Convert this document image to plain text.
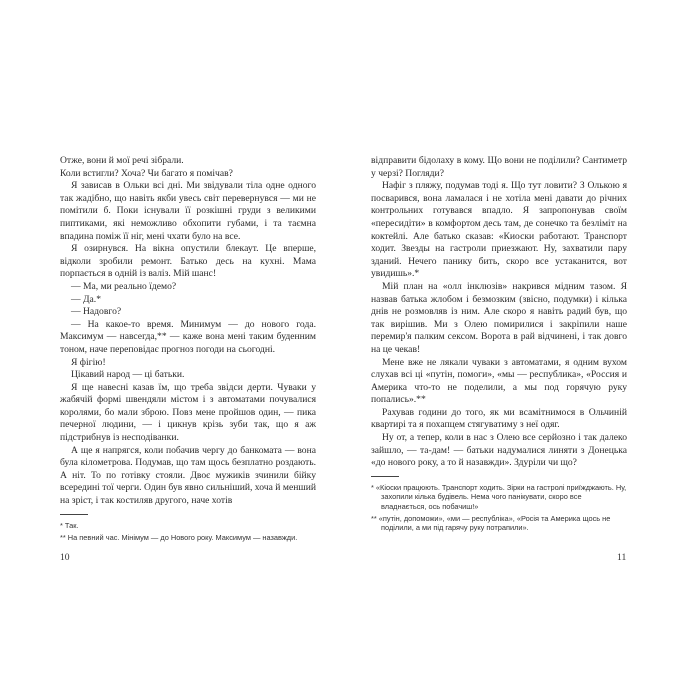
Отже, вони й мої речі зібрали.

Коли встигли? Хоча? Чи багато я помічав?

Я зависав в Ольки всі дні. Ми звідували тіла одне одного так жадібно, що навіть якби увесь світ перевернувся — ми не помітили б. Поки існували її розкішні груди з великими пиптиками, які неможливо обхопити губами, і та таємна впадина поміж її ніг, мені чхати було на все.

Я озирнувся. На вікна опустили блекаут. Це вперше, відколи зробили ремонт. Батько десь на кухні. Мама порпається в одній із валіз. Мій шанс!

— Ма, ми реально їдемо?

— Да.*

— Надовго?

— На какое-то время. Минимум — до нового года. Максимум — навсегда,** — каже вона мені таким буденним тоном, наче переповідає прогноз погоди на сьогодні.

Я фігію!

Цікавий народ — ці батьки.

Я ще навесні казав їм, що треба звідси дерти. Чуваки у жабячій формі швендяли містом і з автоматами почувалися королями, бо мали зброю. Повз мене пройшов один, — пика печерної людини, — і цикнув крізь зуби так, що я аж підстрибнув із несподіванки.

А ще я напрягся, коли побачив чергу до банкомата — вона була кілометрова. Подумав, що там щось безплатно роздають. А ніт. То по готівку стояли. Двоє мужиків зчинили бійку всередині тої черги. Один був явно сильніший, хоча й менший на зріст, і так костиляв другого, наче хотів

* Так.

** На певний час. Мінімум — до Нового року. Максимум — назавжди.

відправити бідолаху в кому. Що вони не поділили? Сантиметр у черзі? Погляди?

Нафіг з пляжу, подумав тоді я. Що тут ловити? З Олькою я посварився, вона ламалася і не хотіла мені давати до річних контрольних готувався впадло. Я запропонував своїм «пересидіти» в комфортом десь там, де сонечко та безліміт на коктейлі. Але батько сказав: «Киоски работают. Транспорт ходит. Звезды на гастроли приезжают. Ну, захватили пару зданий. Нечего панику бить, скоро все устаканится, вот увидишь».*

Мій план на «олл інклюзів» накрився мідним тазом. Я назвав батька жлобом і безмозким (звісно, подумки) і кілька днів не розмовляв із ним. Але скоро я навіть радий був, що так вирішив. Ми з Олею помирилися і закріпили наше перемир'я палким сексом. Ворота в рай відчинені, і так довго на це чекав!

Мене вже не лякали чуваки з автоматами, я одним вухом слухав всі ці «путін, помоги», «мы — республика», «Россия и Америка что-то не поделили, а мы под горячую руку попались».**

Рахував години до того, як ми всамітнимося в Ольчиній квартирі та я похапцем стягуватиму з неї одяг.

Ну от, а тепер, коли в нас з Олею все серйозно і так далеко зайшло, — та-дам! — батьки надумалися линяти з Донецька «до нового року, а то й назавжди». Здуріли чи що?

* «Кіоски працюють. Транспорт ходить. Зірки на гастролі приїжджають. Ну, захопили кілька будівель. Нема чого панікувати, скоро все владнається, ось побачиш!»

** «путін, допоможи», «ми — республіка», «Росія та Америка щось не поділили, а ми під гарячу руку потрапили».

10	11
